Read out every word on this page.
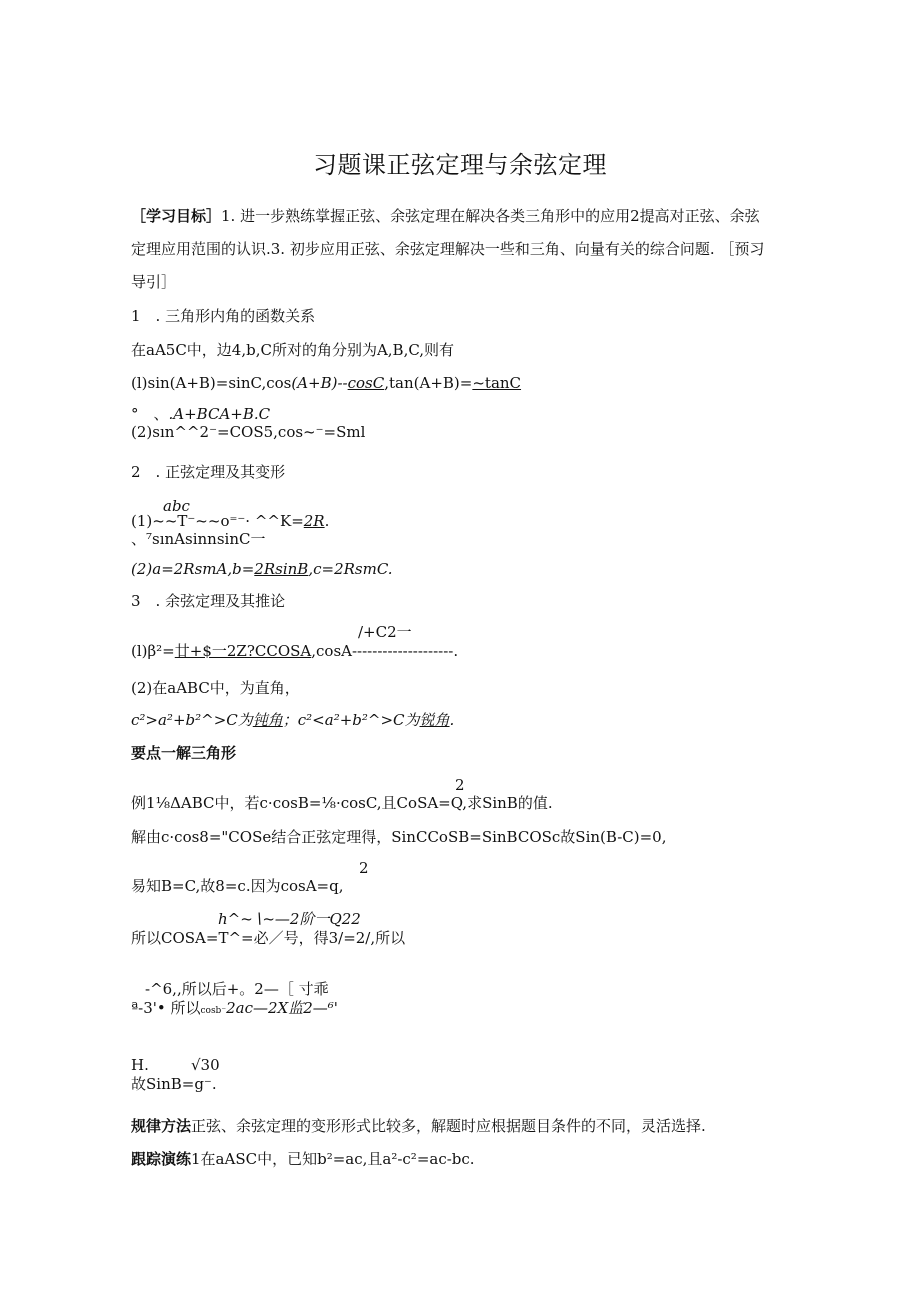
习题课正弦定理与余弦定理
［学习目标］1. 进一步熟练掌握正弦、余弦定理在解决各类三角形中的应用2提高对正弦、余弦
定理应用范围的认识.3. 初步应用正弦、余弦定理解决一些和三角、向量有关的综合问题. ［预习
导引］
1　. 三角形内角的函数关系
在aA5C中，边4,b,C所对的角分别为A,B,C,则有
(l)sin(A+B)=sinC,cos(A+B)--cosC,tan(A+B)=~tanC
°　、.A+BCA+B.C
(2)sın^^2⁻=COS5,cos~⁻=Sml
2　. 正弦定理及其变形
abc
(1)~~T⁻~~o⁼⁻· ^^K=2R.
、⁷sınAsinnsinC一
(2)a=2RsmA,b=2RsinB,c=2RsmC.
3　. 余弦定理及其推论
/+C2一
(l)β²=廿+$一2Z?CCOSA,cosA--------------------.
(2)在aABC中，为直角，
c²>a²+b²^>C为钝角；c²<a²+b²^>C为锐角.
要点一解三角形
2
例1⅛ΔABC中，若c·cosB=⅛·cosC,且CoSA=Q,求SinB的值.
解由c·cos8="COSe结合正弦定理得，SinCCoSB=SinBCOSc故Sin(B-C)=0,
2
易知B=C,故8=c.因为cosA=q,
h^~∖~—2阶一Q22
所以COSA=T^=必／号，得3/=2/,所以
-^6,,所以后+。2—［ 寸乖
ª-3'• 所以cosb⁻2ac—2X监2—⁶'
H.	√30
故SinB=g⁻.
规律方法正弦、余弦定理的变形形式比较多，解题时应根据题目条件的不同，灵活选择.
跟踪演练1在aASC中，已知b²=ac,且a²-c²=ac-bc.
